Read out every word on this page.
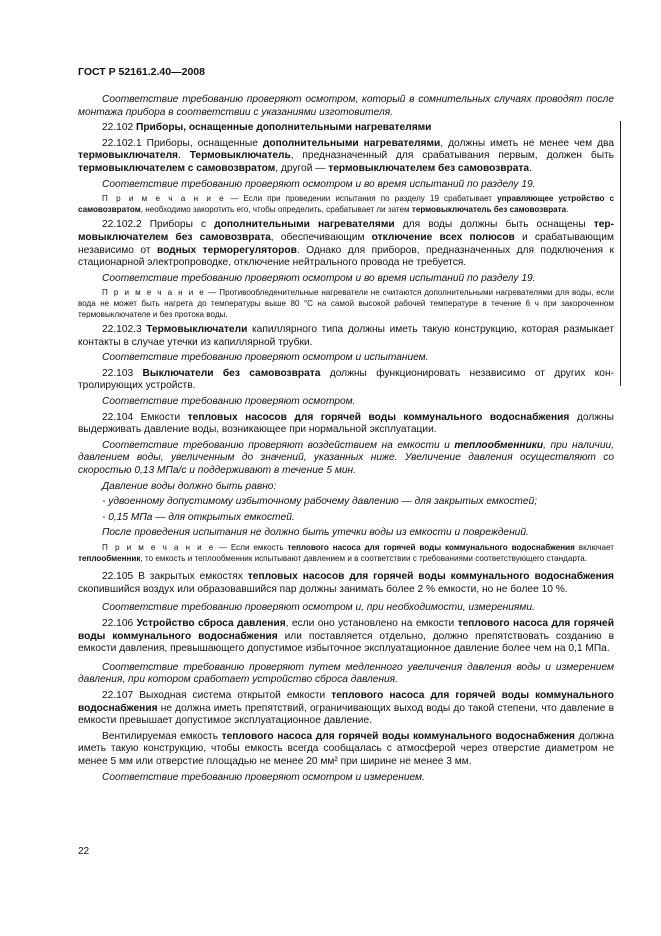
ГОСТ Р 52161.2.40—2008

Соответствие требованию проверяют осмотром, который в сомнительных случаях проводят после монтажа прибора в соответствии с указаниями изготовителя.

22.102 Приборы, оснащенные дополнительными нагревателями

22.102.1 Приборы, оснащенные дополнительными нагревателями, должны иметь не менее чем два термовыключателя. Термовыключатель, предназначенный для срабатывания первым, должен быть термовыключателем с самовозвратом, другой — термовыключателем без самовозврата.

Соответствие требованию проверяют осмотром и во время испытаний по разделу 19.

П р и м е ч а н и е — Если при проведении испытания по разделу 19 срабатывает управляющее устройство с самовозвратом, необходимо закоротить его, чтобы определить, срабатывает ли затем термовыключатель без самовозврата.

22.102.2 Приборы с дополнительными нагревателями для воды должны быть оснащены термовыключателем без самовозврата, обеспечивающим отключение всех полюсов и срабатывающим независимо от водных терморегуляторов. Однако для приборов, предназначенных для подключения к стационарной электропроводке, отключение нейтрального провода не требуется.

Соответствие требованию проверяют осмотром и во время испытаний по разделу 19.

П р и м е ч а н и е — Противообледенительные нагреватели не считаются дополнительными нагревателями для воды, если вода не может быть нагрета до температуры выше 80 °С на самой высокой рабочей температуре в течение 6 ч при закороченном термовыключателе и без протока воды.

22.102.3 Термовыключатели капиллярного типа должны иметь такую конструкцию, которая размыкает контакты в случае утечки из капиллярной трубки.

Соответствие требованию проверяют осмотром и испытанием.

22.103 Выключатели без самовозврата должны функционировать независимо от других контролирующих устройств.

Соответствие требованию проверяют осмотром.

22.104 Емкости тепловых насосов для горячей воды коммунального водоснабжения должны выдерживать давление воды, возникающее при нормальной эксплуатации.

Соответствие требованию проверяют воздействием на емкости и теплообменники, при наличии, давлением воды, увеличенным до значений, указанных ниже. Увеличение давления осуществляют со скоростью 0,13 МПа/с и поддерживают в течение 5 мин.

Давление воды должно быть равно:

- удвоенному допустимому избыточному рабочему давлению — для закрытых емкостей;

- 0,15 МПа — для открытых емкостей.

После проведения испытания не должно быть утечки воды из емкости и повреждений.

П р и м е ч а н и е — Если емкость теплового насоса для горячей воды коммунального водоснабжения включает теплообменник, то емкость и теплообменник испытывают давлением и в соответствии с требованиями соответствующего стандарта.

22.105 В закрытых емкостях тепловых насосов для горячей воды коммунального водоснабжения скопившийся воздух или образовавшийся пар должны занимать более 2 % емкости, но не более 10 %.

Соответствие требованию проверяют осмотром и, при необходимости, измерениями.

22.106 Устройство сброса давления, если оно установлено на емкости теплового насоса для горячей воды коммунального водоснабжения или поставляется отдельно, должно препятствовать созданию в емкости давления, превышающего допустимое избыточное эксплуатационное давление более чем на 0,1 МПа.

Соответствие требованию проверяют путем медленного увеличения давления воды и измерением давления, при котором сработает устройство сброса давления.

22.107 Выходная система открытой емкости теплового насоса для горячей воды коммунального водоснабжения не должна иметь препятствий, ограничивающих выход воды до такой степени, что давление в емкости превышает допустимое эксплуатационное давление.

Вентилируемая емкость теплового насоса для горячей воды коммунального водоснабжения должна иметь такую конструкцию, чтобы емкость всегда сообщалась с атмосферой через отверстие диаметром не менее 5 мм или отверстие площадью не менее 20 мм² при ширине не менее 3 мм.

Соответствие требованию проверяют осмотром и измерением.

22
